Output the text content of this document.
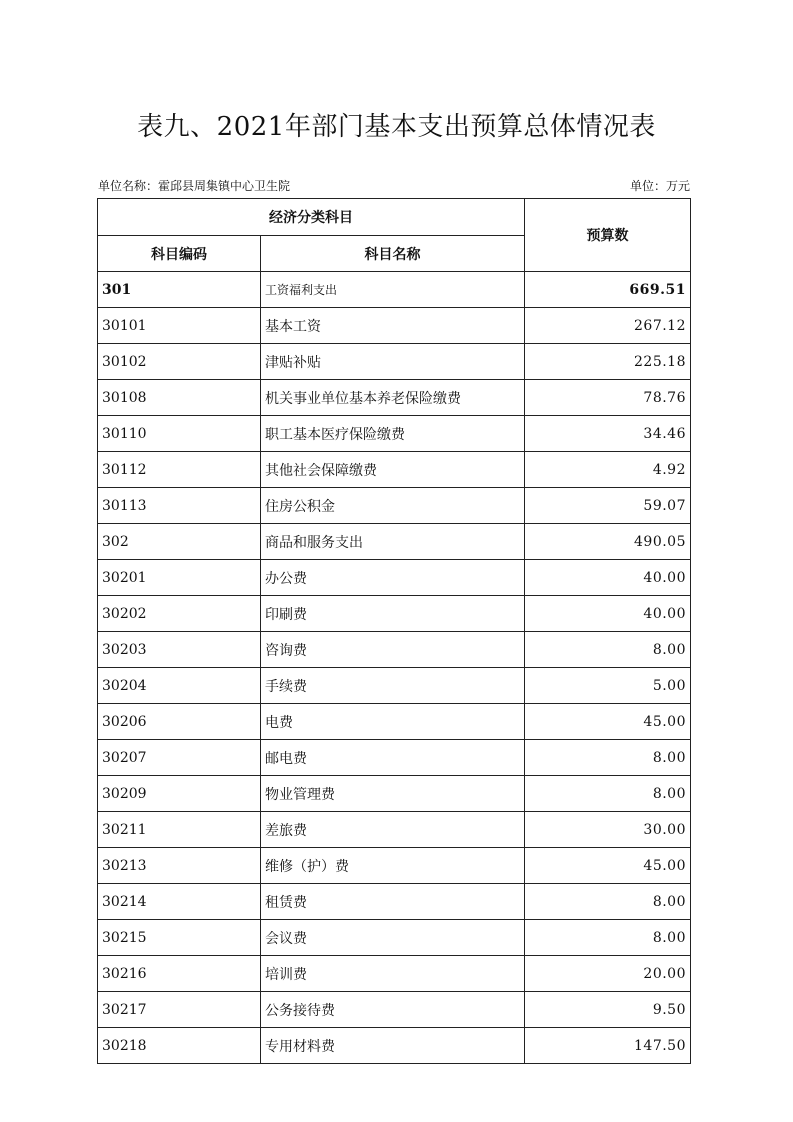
表九、2021年部门基本支出预算总体情况表
单位名称：霍邱县周集镇中心卫生院	单位：万元
经济分类科目		预算数
科目编码	科目名称	
301	工资福利支出	669.51
30101	基本工资	267.12
30102	津贴补贴	225.18
30108	机关事业单位基本养老保险缴费	78.76
30110	职工基本医疗保险缴费	34.46
30112	其他社会保障缴费	4.92
30113	住房公积金	59.07
302	商品和服务支出	490.05
30201	办公费	40.00
30202	印刷费	40.00
30203	咨询费	8.00
30204	手续费	5.00
30206	电费	45.00
30207	邮电费	8.00
30209	物业管理费	8.00
30211	差旅费	30.00
30213	维修（护）费	45.00
30214	租赁费	8.00
30215	会议费	8.00
30216	培训费	20.00
30217	公务接待费	9.50
30218	专用材料费	147.50
